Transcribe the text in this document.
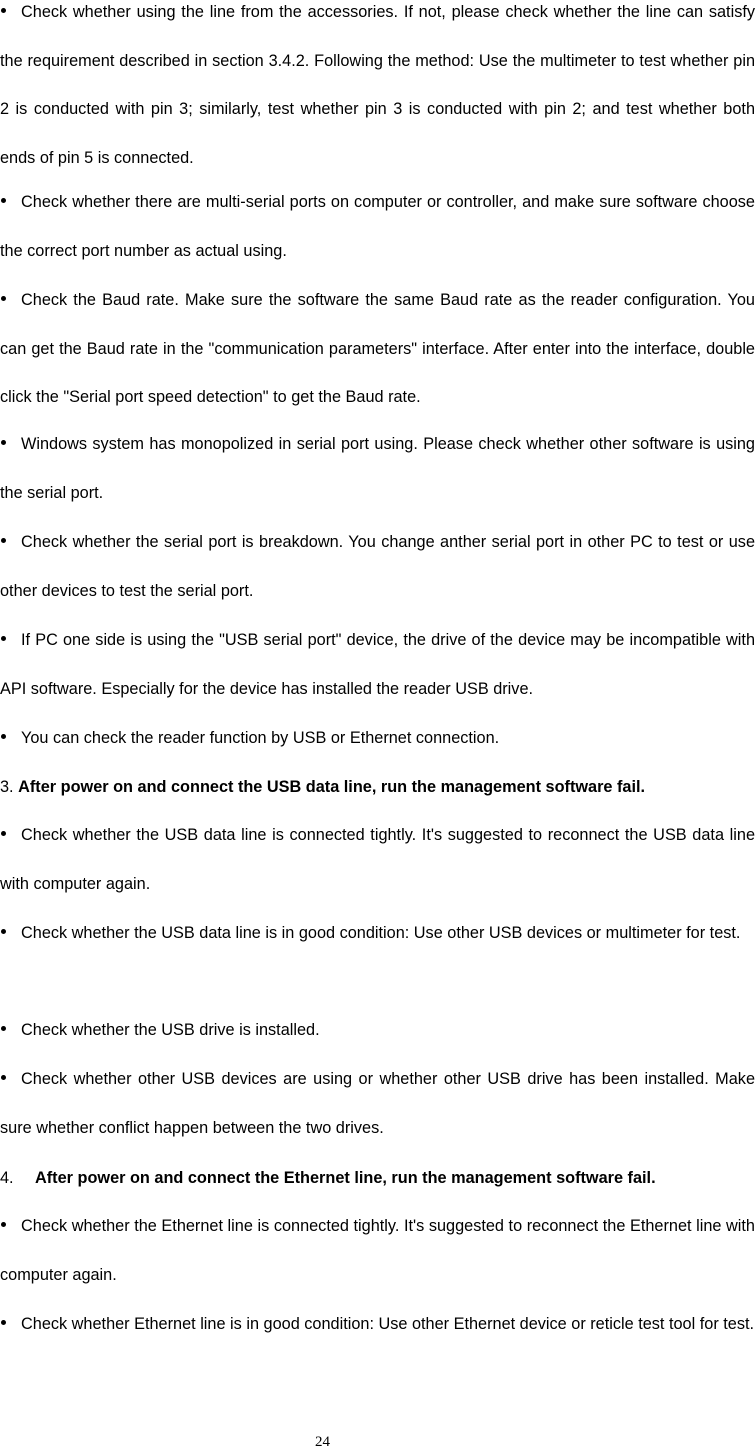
Check whether using the line from the accessories. If not, please check whether the line can satisfy the requirement described in section 3.4.2. Following the method: Use the multimeter to test whether pin 2 is conducted with pin 3; similarly, test whether pin 3 is conducted with pin 2; and test whether both ends of pin 5 is connected.

Check whether there are multi-serial ports on computer or controller, and make sure software choose the correct port number as actual using.

Check the Baud rate. Make sure the software the same Baud rate as the reader configuration. You can get the Baud rate in the "communication parameters" interface. After enter into the interface, double click the "Serial port speed detection" to get the Baud rate.

Windows system has monopolized in serial port using. Please check whether other software is using the serial port.

Check whether the serial port is breakdown. You change anther serial port in other PC to test or use other devices to test the serial port.

If PC one side is using the "USB serial port" device, the drive of the device may be incompatible with API software. Especially for the device has installed the reader USB drive.

You can check the reader function by USB or Ethernet connection.

3. After power on and connect the USB data line, run the management software fail.

Check whether the USB data line is connected tightly. It's suggested to reconnect the USB data line with computer again.

Check whether the USB data line is in good condition: Use other USB devices or multimeter for test.

Check whether the USB drive is installed.

Check whether other USB devices are using or whether other USB drive has been installed. Make sure whether conflict happen between the two drives.

4. After power on and connect the Ethernet line, run the management software fail.

Check whether the Ethernet line is connected tightly. It's suggested to reconnect the Ethernet line with computer again.

Check whether Ethernet line is in good condition: Use other Ethernet device or reticle test tool for test.

24
